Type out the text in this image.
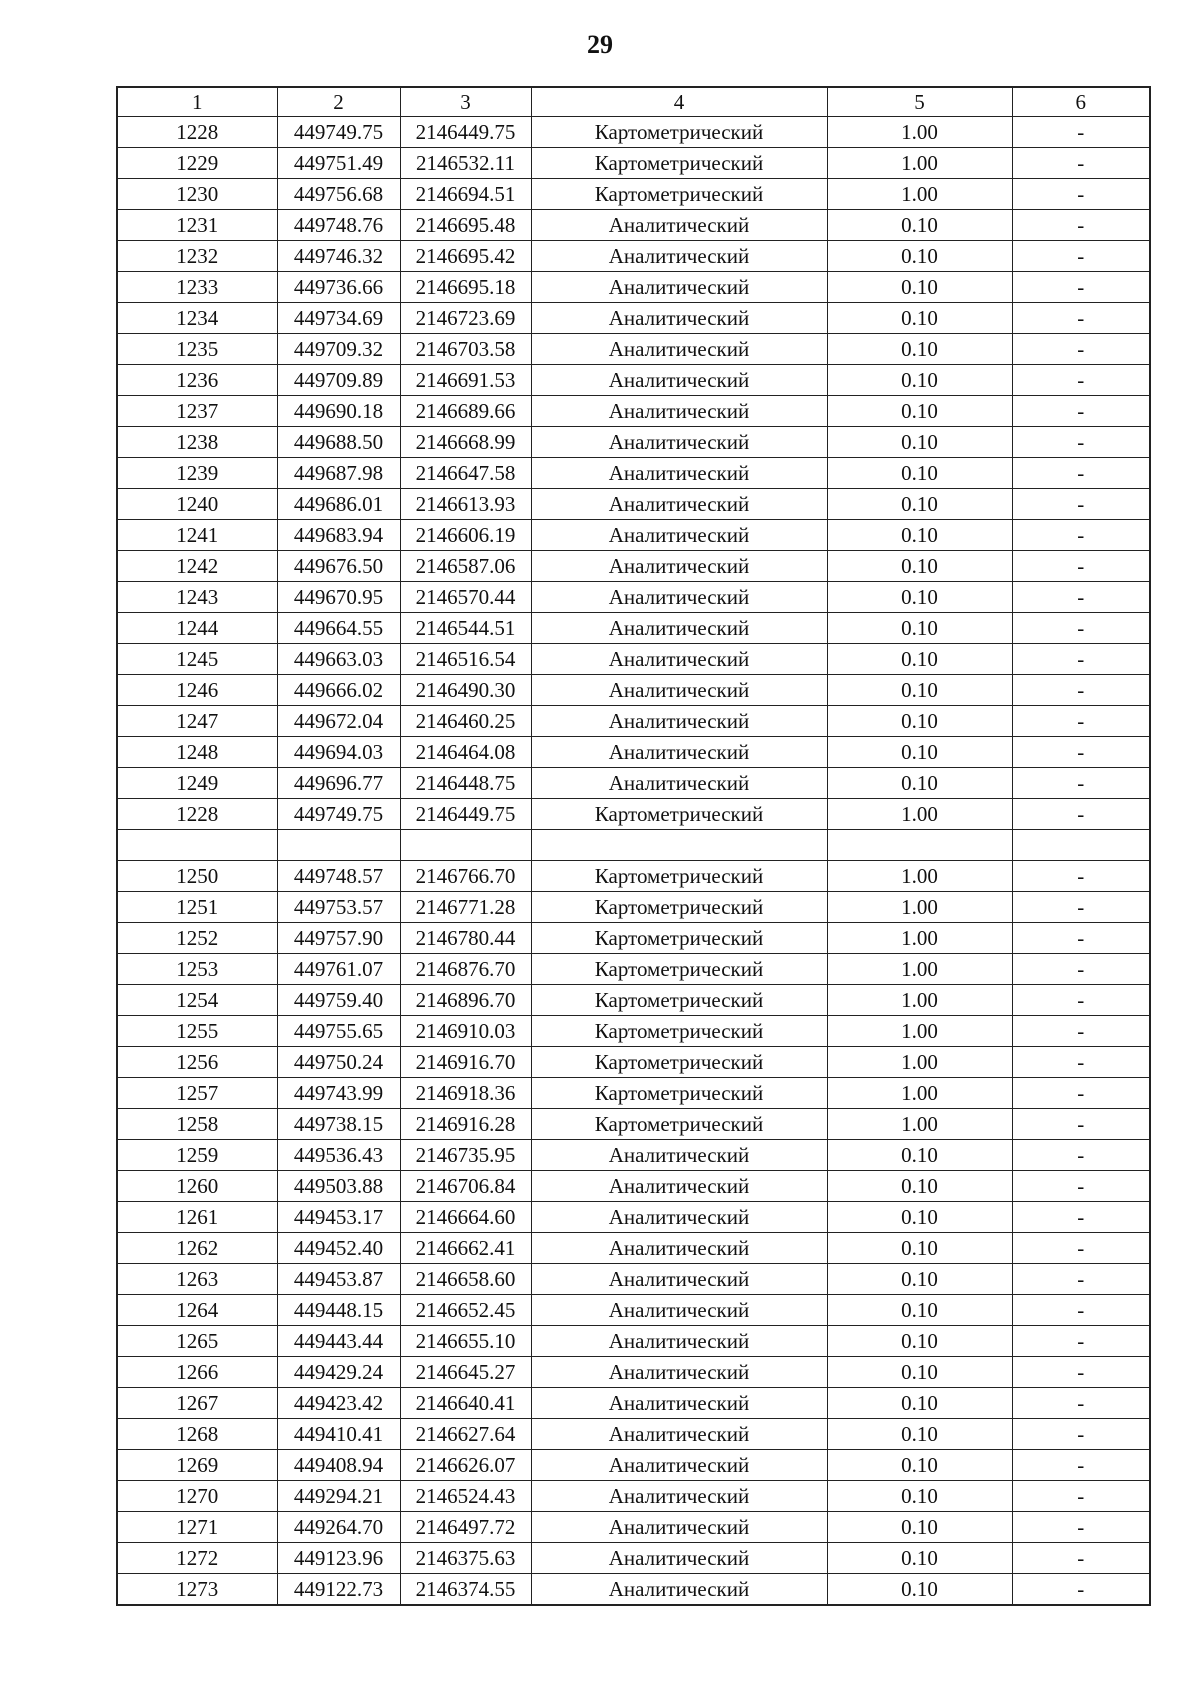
29
1	2	3	4	5	6
1228	449749.75	2146449.75	Картометрический	1.00	-
1229	449751.49	2146532.11	Картометрический	1.00	-
1230	449756.68	2146694.51	Картометрический	1.00	-
1231	449748.76	2146695.48	Аналитический	0.10	-
1232	449746.32	2146695.42	Аналитический	0.10	-
1233	449736.66	2146695.18	Аналитический	0.10	-
1234	449734.69	2146723.69	Аналитический	0.10	-
1235	449709.32	2146703.58	Аналитический	0.10	-
1236	449709.89	2146691.53	Аналитический	0.10	-
1237	449690.18	2146689.66	Аналитический	0.10	-
1238	449688.50	2146668.99	Аналитический	0.10	-
1239	449687.98	2146647.58	Аналитический	0.10	-
1240	449686.01	2146613.93	Аналитический	0.10	-
1241	449683.94	2146606.19	Аналитический	0.10	-
1242	449676.50	2146587.06	Аналитический	0.10	-
1243	449670.95	2146570.44	Аналитический	0.10	-
1244	449664.55	2146544.51	Аналитический	0.10	-
1245	449663.03	2146516.54	Аналитический	0.10	-
1246	449666.02	2146490.30	Аналитический	0.10	-
1247	449672.04	2146460.25	Аналитический	0.10	-
1248	449694.03	2146464.08	Аналитический	0.10	-
1249	449696.77	2146448.75	Аналитический	0.10	-
1228	449749.75	2146449.75	Картометрический	1.00	-

1250	449748.57	2146766.70	Картометрический	1.00	-
1251	449753.57	2146771.28	Картометрический	1.00	-
1252	449757.90	2146780.44	Картометрический	1.00	-
1253	449761.07	2146876.70	Картометрический	1.00	-
1254	449759.40	2146896.70	Картометрический	1.00	-
1255	449755.65	2146910.03	Картометрический	1.00	-
1256	449750.24	2146916.70	Картометрический	1.00	-
1257	449743.99	2146918.36	Картометрический	1.00	-
1258	449738.15	2146916.28	Картометрический	1.00	-
1259	449536.43	2146735.95	Аналитический	0.10	-
1260	449503.88	2146706.84	Аналитический	0.10	-
1261	449453.17	2146664.60	Аналитический	0.10	-
1262	449452.40	2146662.41	Аналитический	0.10	-
1263	449453.87	2146658.60	Аналитический	0.10	-
1264	449448.15	2146652.45	Аналитический	0.10	-
1265	449443.44	2146655.10	Аналитический	0.10	-
1266	449429.24	2146645.27	Аналитический	0.10	-
1267	449423.42	2146640.41	Аналитический	0.10	-
1268	449410.41	2146627.64	Аналитический	0.10	-
1269	449408.94	2146626.07	Аналитический	0.10	-
1270	449294.21	2146524.43	Аналитический	0.10	-
1271	449264.70	2146497.72	Аналитический	0.10	-
1272	449123.96	2146375.63	Аналитический	0.10	-
1273	449122.73	2146374.55	Аналитический	0.10	-
